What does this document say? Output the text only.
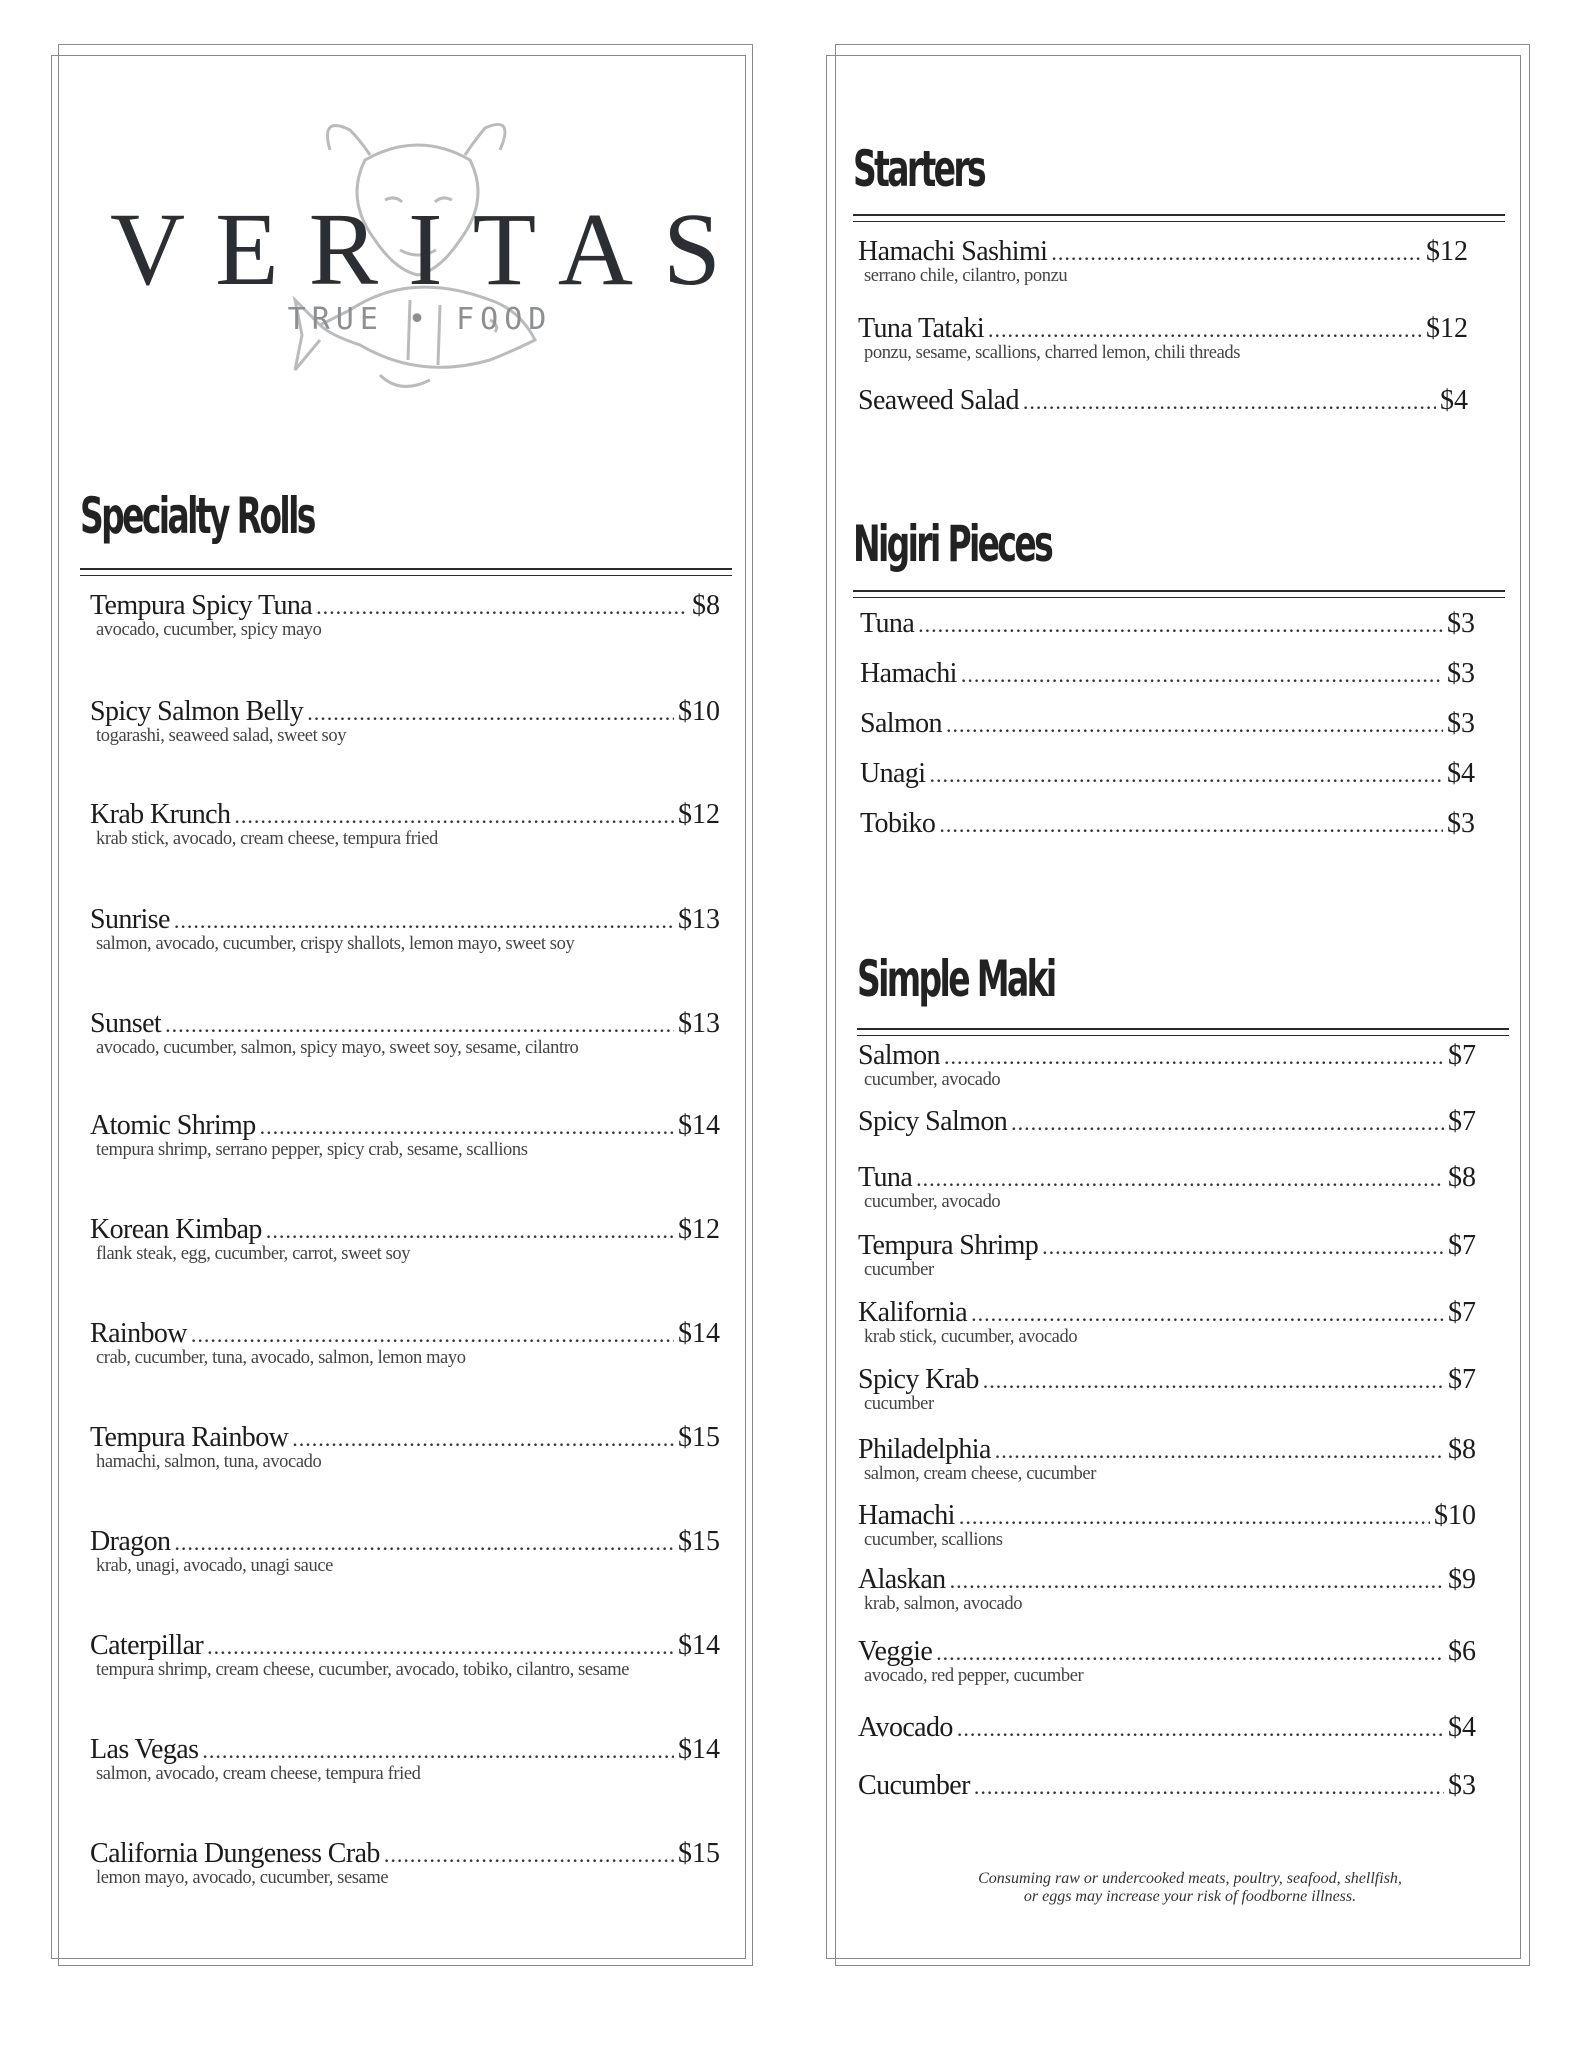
VERITAS
TRUE • FOOD
Specialty Rolls
Tempura Spicy Tuna .....	$8
avocado, cucumber, spicy mayo
Spicy Salmon Belly .....	$10
togarashi, seaweed salad, sweet soy
Krab Krunch .....	$12
krab stick, avocado, cream cheese, tempura fried
Sunrise .....	$13
salmon, avocado, cucumber, crispy shallots, lemon mayo, sweet soy
Sunset .....	$13
avocado, cucumber, salmon, spicy mayo, sweet soy, sesame, cilantro
Atomic Shrimp .....	$14
tempura shrimp, serrano pepper, spicy crab, sesame, scallions
Korean Kimbap .....	$12
flank steak, egg, cucumber, carrot, sweet soy
Rainbow .....	$14
crab, cucumber, tuna, avocado, salmon, lemon mayo
Tempura Rainbow .....	$15
hamachi, salmon, tuna, avocado
Dragon .....	$15
krab, unagi, avocado, unagi sauce
Caterpillar .....	$14
tempura shrimp, cream cheese, cucumber, avocado, tobiko, cilantro, sesame
Las Vegas .....	$14
salmon, avocado, cream cheese, tempura fried
California Dungeness Crab .....	$15
lemon mayo, avocado, cucumber, sesame
Starters
Hamachi Sashimi .....	$12
serrano chile, cilantro, ponzu
Tuna Tataki .....	$12
ponzu, sesame, scallions, charred lemon, chili threads
Seaweed Salad .....	$4
Nigiri Pieces
Tuna .....	$3
Hamachi .....	$3
Salmon .....	$3
Unagi .....	$4
Tobiko .....	$3
Simple Maki
Salmon .....	$7
cucumber, avocado
Spicy Salmon .....	$7
Tuna .....	$8
cucumber, avocado
Tempura Shrimp .....	$7
cucumber
Kalifornia .....	$7
krab stick, cucumber, avocado
Spicy Krab .....	$7
cucumber
Philadelphia .....	$8
salmon, cream cheese, cucumber
Hamachi .....	$10
cucumber, scallions
Alaskan .....	$9
krab, salmon, avocado
Veggie .....	$6
avocado, red pepper, cucumber
Avocado .....	$4
Cucumber .....	$3
Consuming raw or undercooked meats, poultry, seafood, shellfish,
or eggs may increase your risk of foodborne illness.
